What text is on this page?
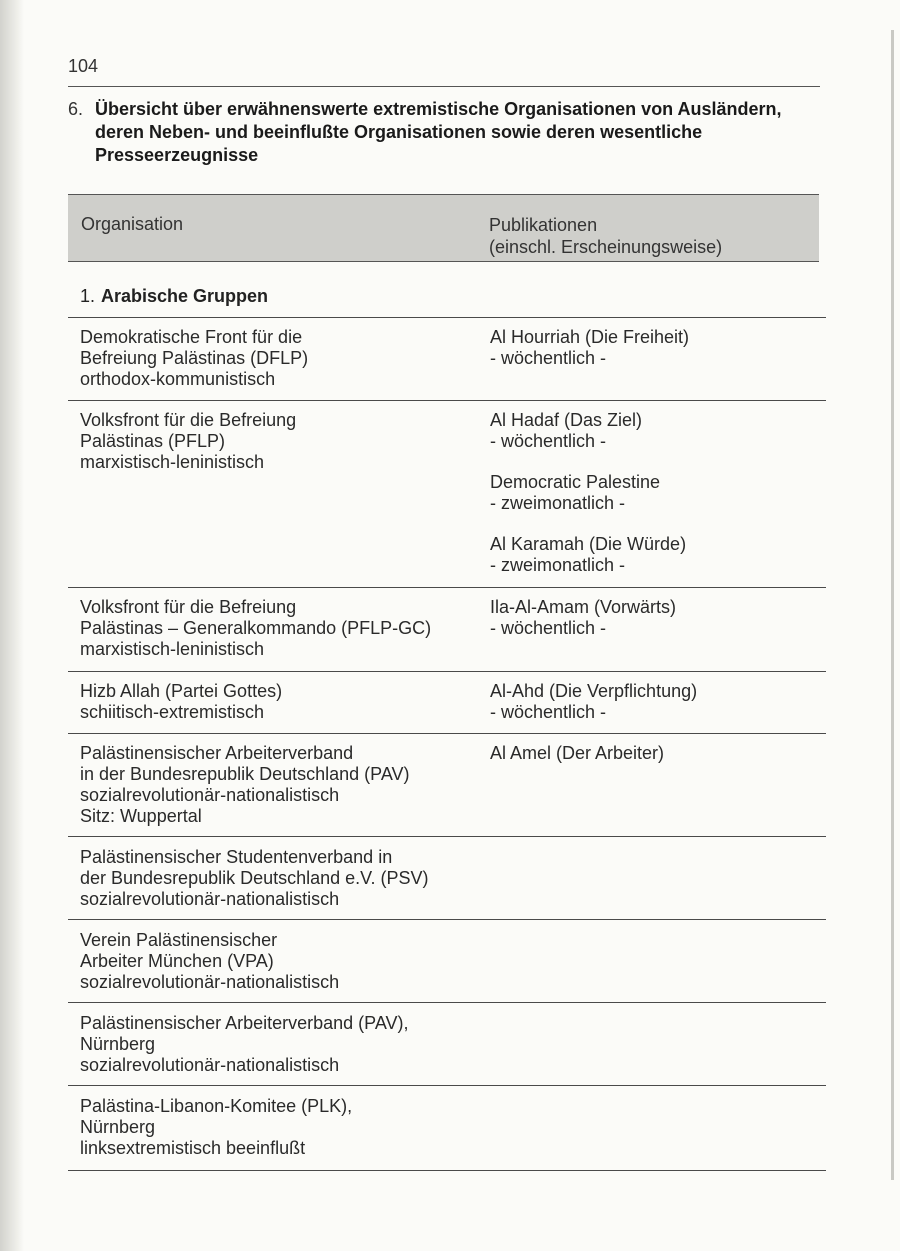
104
6. Übersicht über erwähnenswerte extremistische Organisationen von Ausländern, deren Neben- und beeinflußte Organisationen sowie deren wesentliche Presseerzeugnisse
Organisation	Publikationen
(einschl. Erscheinungsweise)
1. Arabische Gruppen
Demokratische Front für die
Befreiung Palästinas (DFLP)
orthodox-kommunistisch
Al Hourriah (Die Freiheit)
- wöchentlich -
Volksfront für die Befreiung
Palästinas (PFLP)
marxistisch-leninistisch
Al Hadaf (Das Ziel)
- wöchentlich -
Democratic Palestine
- zweimonatlich -
Al Karamah (Die Würde)
- zweimonatlich -
Volksfront für die Befreiung
Palästinas – Generalkommando (PFLP-GC)
marxistisch-leninistisch
Ila-Al-Amam (Vorwärts)
- wöchentlich -
Hizb Allah (Partei Gottes)
schiitisch-extremistisch
Al-Ahd (Die Verpflichtung)
- wöchentlich -
Palästinensischer Arbeiterverband
in der Bundesrepublik Deutschland (PAV)
sozialrevolutionär-nationalistisch
Sitz: Wuppertal
Al Amel (Der Arbeiter)
Palästinensischer Studentenverband in
der Bundesrepublik Deutschland e.V. (PSV)
sozialrevolutionär-nationalistisch
Verein Palästinensischer
Arbeiter München (VPA)
sozialrevolutionär-nationalistisch
Palästinensischer Arbeiterverband (PAV),
Nürnberg
sozialrevolutionär-nationalistisch
Palästina-Libanon-Komitee (PLK),
Nürnberg
linksextremistisch beeinflußt
